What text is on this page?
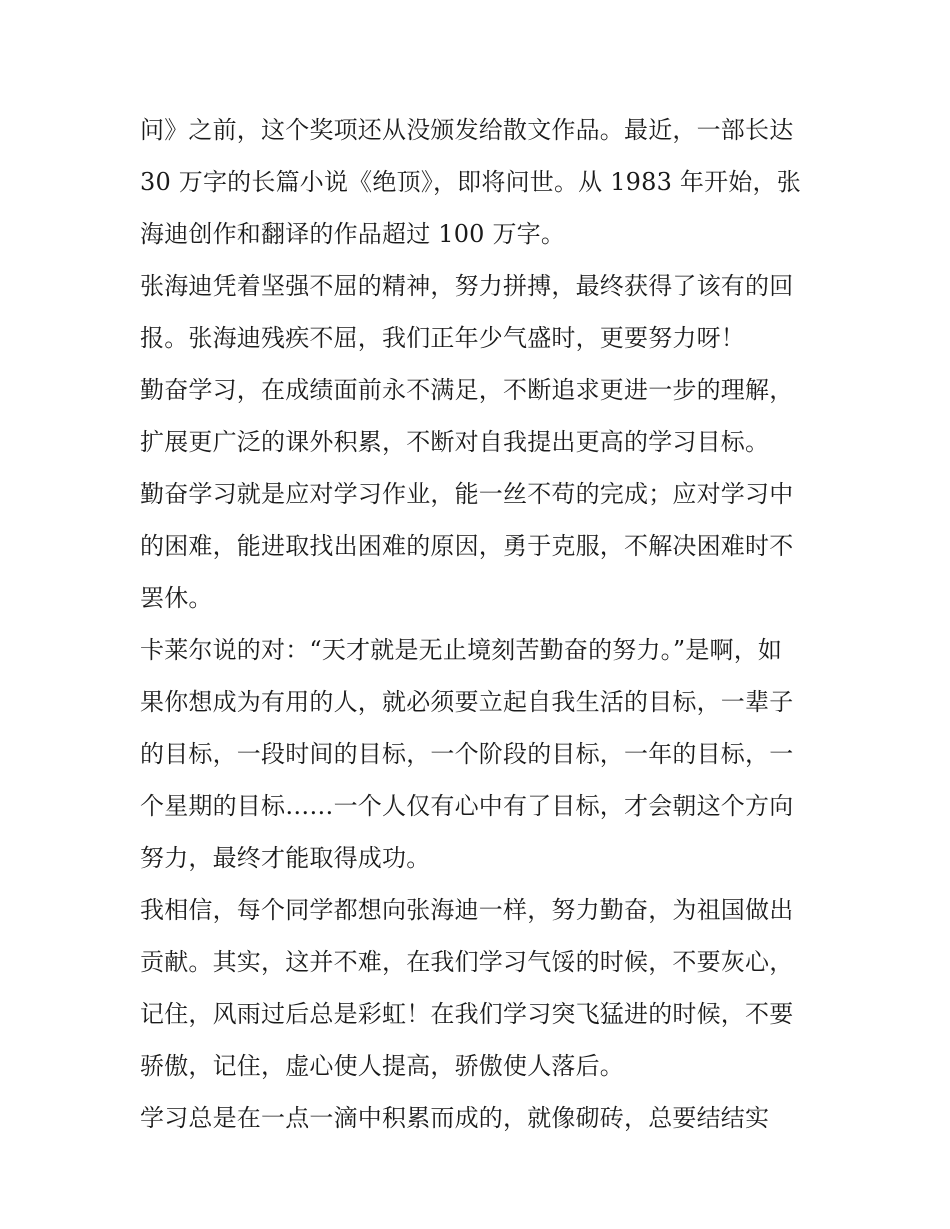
问》之前，这个奖项还从没颁发给散文作品。最近，一部长达
30 万字的长篇小说《绝顶》，即将问世。从 1983 年开始，张
海迪创作和翻译的作品超过 100 万字。
张海迪凭着坚强不屈的精神，努力拼搏，最终获得了该有的回
报。张海迪残疾不屈，我们正年少气盛时，更要努力呀！
勤奋学习，在成绩面前永不满足，不断追求更进一步的理解，
扩展更广泛的课外积累，不断对自我提出更高的学习目标。
勤奋学习就是应对学习作业，能一丝不苟的完成；应对学习中
的困难，能进取找出困难的原因，勇于克服，不解决困难时不
罢休。
卡莱尔说的对：“天才就是无止境刻苦勤奋的努力。”是啊，如
果你想成为有用的人，就必须要立起自我生活的目标，一辈子
的目标，一段时间的目标，一个阶段的目标，一年的目标，一
个星期的目标……一个人仅有心中有了目标，才会朝这个方向
努力，最终才能取得成功。
我相信，每个同学都想向张海迪一样，努力勤奋，为祖国做出
贡献。其实，这并不难，在我们学习气馁的时候，不要灰心，
记住，风雨过后总是彩虹！在我们学习突飞猛进的时候，不要
骄傲，记住，虚心使人提高，骄傲使人落后。
学习总是在一点一滴中积累而成的，就像砌砖，总要结结实
